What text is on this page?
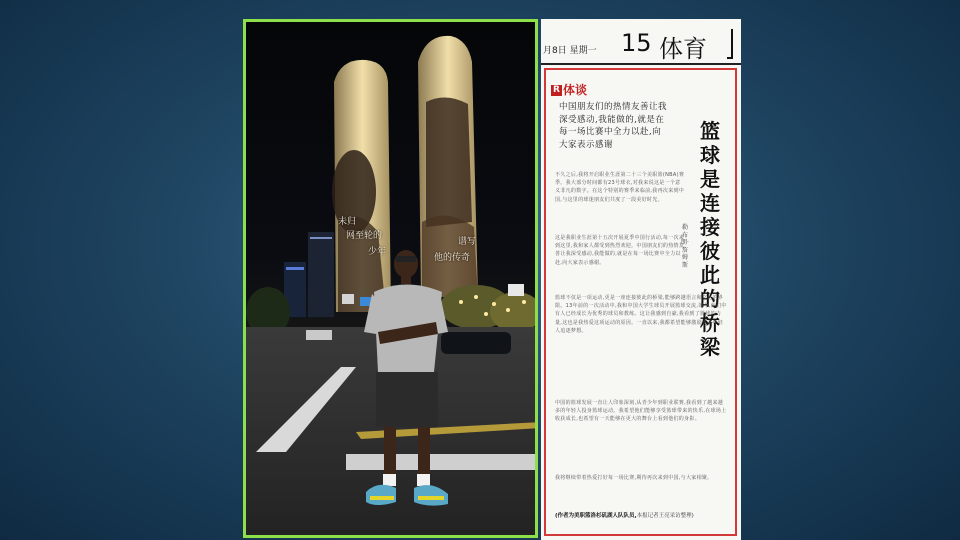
未归
网至轮的
少年
谱写
他的传奇
月8日 星期一 15 体育
R 体谈
中国朋友们的热情友善让我深受感动,我能做的,就是在每一场比赛中全力以赴,向大家表示感谢
篮球是连接彼此的桥梁
勒布朗·詹姆斯
不久之后,我将开启职业生涯第二十三个美职篮(NBA)赛季。我大部分时间都有23号球衣,对我来说这是一个意义非凡的数字。在这个特别的赛季来临前,我再次来到中国,与这里的球迷朋友们共度了一段美好时光。
这是我职业生涯第十五次开展夏季中国行活动,每一次来到这里,我和家人都受到热烈欢迎。中国朋友们的热情友善让我深受感动,我能做的,就是在每一场比赛中全力以赴,向大家表示感谢。
篮球不仅是一项运动,更是一座连接彼此的桥梁,能够跨越语言和文化的界限。13年前的一次活动中,我和中国大学生球员开展篮球交流,如今,他们中有人已经成长为优秀的球员和教练。这让我感到自豪,我看到了篮球的力量,这也是我热爱这项运动的原因。一直以来,我都希望能够激励更多年轻人追逐梦想。
中国的篮球发展一直让人印象深刻,从青少年到职业联赛,我看到了越来越多的年轻人投身篮球运动。我希望他们能够享受篮球带来的快乐,在球场上收获成长,也希望有一天能够在更大的舞台上看到他们的身影。
我将继续带着热爱打好每一场比赛,期待再次来到中国,与大家相聚。
(作者为美职篮洛杉矶湖人队队员,本报记者王亮采访整理)
